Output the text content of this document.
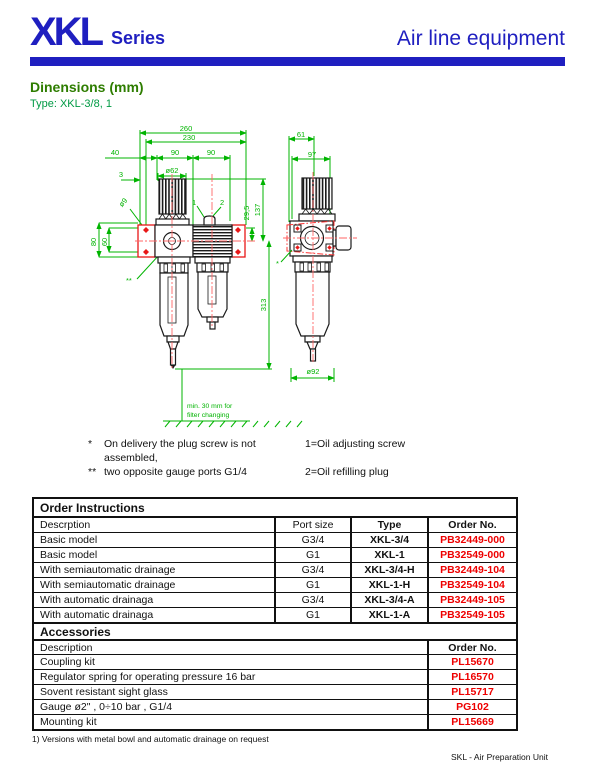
XKL Series	Air line equipment
Dinensions (mm)
Type: XKL-3/8, 1
260
230
40	90	90
ø62
3
ø9
80 60
29,5 137
313
1	2
**
min. 30 mm for
filter changing
61
97
ø92
*
*	On delivery the plug screw is not assembled,
1=Oil adjusting screw
** two opposite gauge ports G1/4	2=Oil refilling plug
Order Instructions
Descrption	Port size	Type	Order No.
Basic model	G3/4	XKL-3/4	PB32449-000
Basic model	G1	XKL-1	PB32549-000
With semiautomatic drainage	G3/4	XKL-3/4-H	PB32449-104
With semiautomatic drainage	G1	XKL-1-H	PB32549-104
With automatic drainaga	G3/4	XKL-3/4-A	PB32449-105
With automatic drainaga	G1	XKL-1-A	PB32549-105
Accessories
Description	Order No.
Coupling kit	PL15670
Regulator spring for operating pressure 16 bar	PL16570
Sovent resistant sight glass	PL15717
Gauge ø2" , 0÷10 bar , G1/4	PG102
Mounting kit	PL15669
1) Versions with metal bowl and automatic drainage on request
SKL - Air Preparation Unit
